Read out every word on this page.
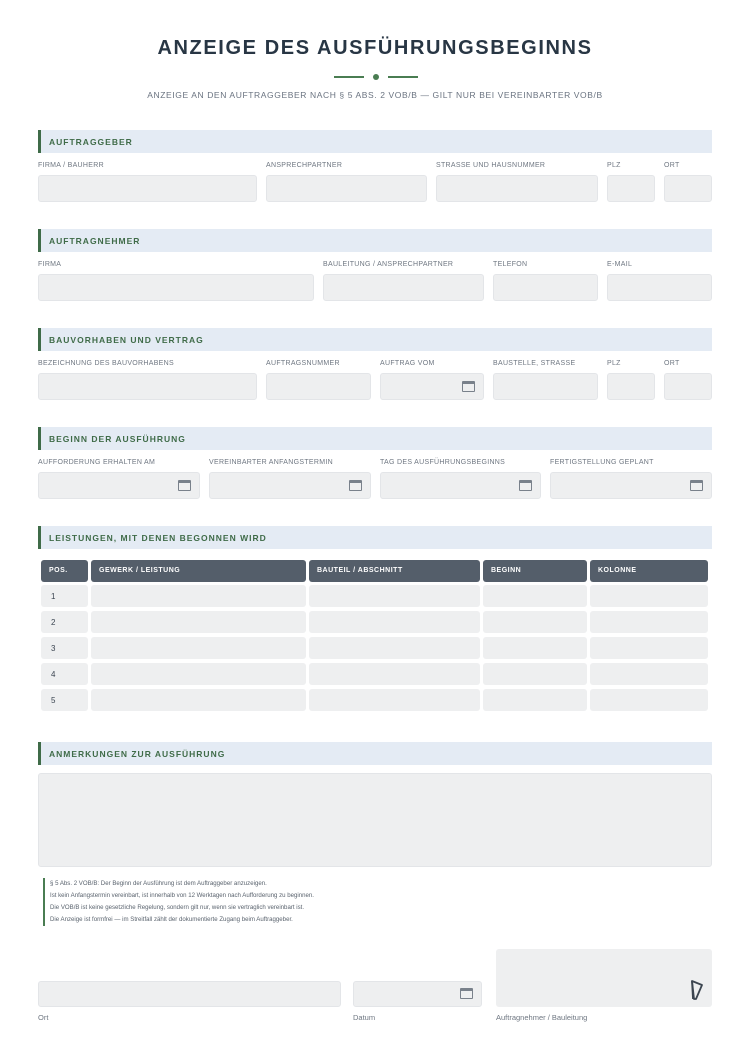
ANZEIGE DES AUSFÜHRUNGSBEGINNS
ANZEIGE AN DEN AUFTRAGGEBER NACH § 5 ABS. 2 VOB/B — GILT NUR BEI VEREINBARTER VOB/B
AUFTRAGGEBER
FIRMA / BAUHERR	ANSPRECHPARTNER	STRASSE UND HAUSNUMMER	PLZ	ORT
AUFTRAGNEHMER
FIRMA	BAULEITUNG / ANSPRECHPARTNER	TELEFON	E-MAIL
BAUVORHABEN UND VERTRAG
BEZEICHNUNG DES BAUVORHABENS	AUFTRAGSNUMMER	AUFTRAG VOM	BAUSTELLE, STRASSE	PLZ	ORT
BEGINN DER AUSFÜHRUNG
AUFFORDERUNG ERHALTEN AM	VEREINBARTER ANFANGSTERMIN	TAG DES AUSFÜHRUNGSBEGINNS	FERTIGSTELLUNG GEPLANT
LEISTUNGEN, MIT DENEN BEGONNEN WIRD
POS.	GEWERK / LEISTUNG	BAUTEIL / ABSCHNITT	BEGINN	KOLONNE
1
2
3
4
5
ANMERKUNGEN ZUR AUSFÜHRUNG
§ 5 Abs. 2 VOB/B: Der Beginn der Ausführung ist dem Auftraggeber anzuzeigen.
Ist kein Anfangstermin vereinbart, ist innerhalb von 12 Werktagen nach Aufforderung zu beginnen.
Die VOB/B ist keine gesetzliche Regelung, sondern gilt nur, wenn sie vertraglich vereinbart ist.
Die Anzeige ist formfrei — im Streitfall zählt der dokumentierte Zugang beim Auftraggeber.
Ort	Datum	Auftragnehmer / Bauleitung
